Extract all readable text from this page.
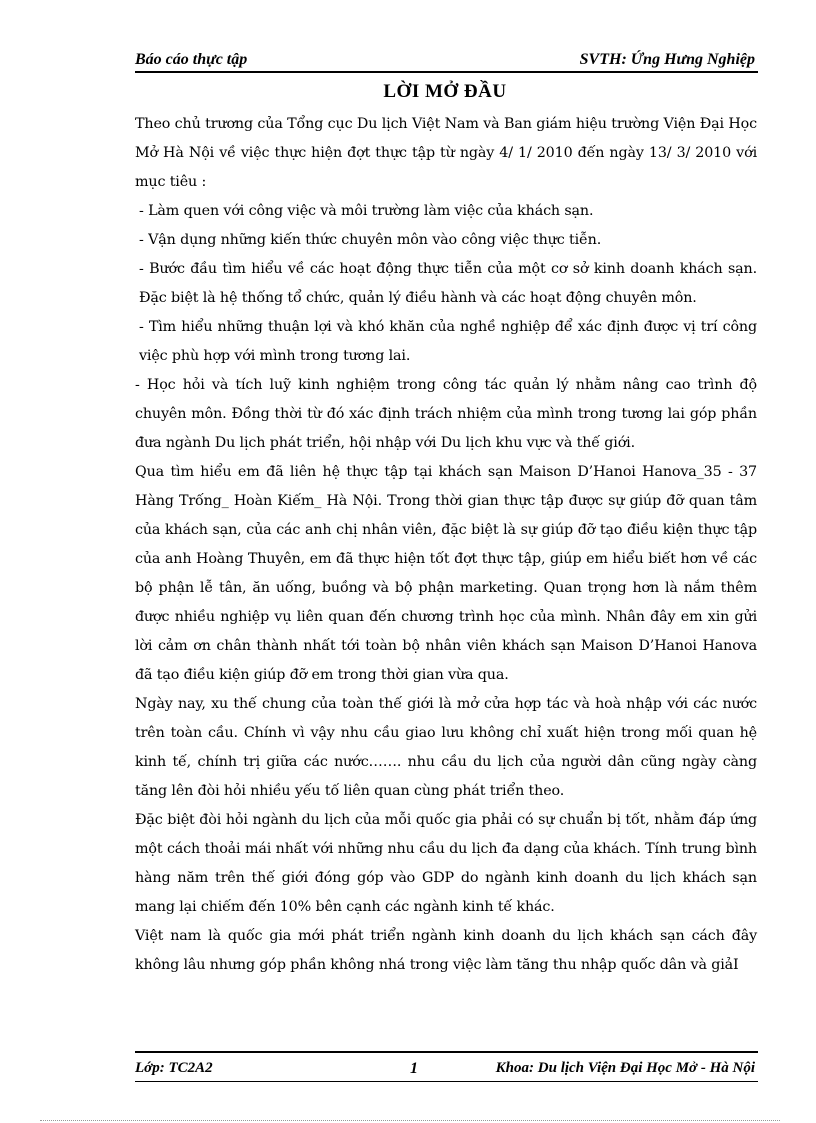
Báo cáo thực tập	SVTH: Ứng Hưng Nghiệp
LỜI MỞ ĐẦU

Theo chủ trương của Tổng cục Du lịch Việt Nam và Ban giám hiệu trường Viện Đại Học Mở Hà Nội về việc thực hiện đợt thực tập từ ngày 4/ 1/ 2010 đến ngày 13/ 3/ 2010 với mục tiêu :

- Làm quen với công việc và môi trường làm việc của khách sạn.

- Vận dụng những kiến thức chuyên môn vào công việc thực tiễn.

- Bước đầu tìm hiểu về các hoạt động thực tiễn của một cơ sở kinh doanh khách sạn. Đặc biệt là hệ thống tổ chức, quản lý điều hành và các hoạt động chuyên môn.

- Tìm hiểu những thuận lợi và khó khăn của nghề nghiệp để xác định được vị trí công việc phù hợp với mình trong tương lai.

- Học hỏi và tích luỹ kinh nghiệm trong công tác quản lý nhằm nâng cao trình độ chuyên môn. Đồng thời từ đó xác định trách nhiệm của mình trong tương lai góp phần đưa ngành Du lịch phát triển, hội nhập với Du lịch khu vực và thế giới.

Qua tìm hiểu em đã liên hệ thực tập tại khách sạn Maison D’Hanoi Hanova_35 - 37 Hàng Trống_ Hoàn Kiếm_ Hà Nội. Trong thời gian thực tập được sự giúp đỡ quan tâm của khách sạn, của các anh chị nhân viên, đặc biệt là sự giúp đỡ tạo điều kiện thực tập của anh Hoàng Thuyên, em đã thực hiện tốt đợt thực tập, giúp em hiểu biết hơn về các bộ phận lễ tân, ăn uống, buồng và bộ phận marketing. Quan trọng hơn là nắm thêm được nhiều nghiệp vụ liên quan đến chương trình học của mình. Nhân đây em xin gửi lời cảm ơn chân thành nhất tới toàn bộ nhân viên khách sạn Maison D’Hanoi Hanova đã tạo điều kiện giúp đỡ em trong thời gian vừa qua.

Ngày nay, xu thế chung của toàn thế giới là mở cửa hợp tác và hoà nhập với các nước trên toàn cầu. Chính vì vậy nhu cầu giao lưu không chỉ xuất hiện trong mối quan hệ kinh tế, chính trị giữa các nước……. nhu cầu du lịch của người dân cũng ngày càng tăng lên đòi hỏi nhiều yếu tố liên quan cùng phát triển theo.

Đặc biệt đòi hỏi ngành du lịch của mỗi quốc gia phải có sự chuẩn bị tốt, nhằm đáp ứng một cách thoải mái nhất với những nhu cầu du lịch đa dạng của khách. Tính trung bình hàng năm trên thế giới đóng góp vào GDP do ngành kinh doanh du lịch khách sạn mang lại chiếm đến 10% bên cạnh các ngành kinh tế khác.

Việt nam là quốc gia mới phát triển ngành kinh doanh du lịch khách sạn cách đây không lâu nhưng góp phần không nhá trong việc làm tăng thu nhập quốc dân và giảI

Lớp: TC2A2	1	Khoa: Du lịch Viện Đại Học Mở - Hà Nội
